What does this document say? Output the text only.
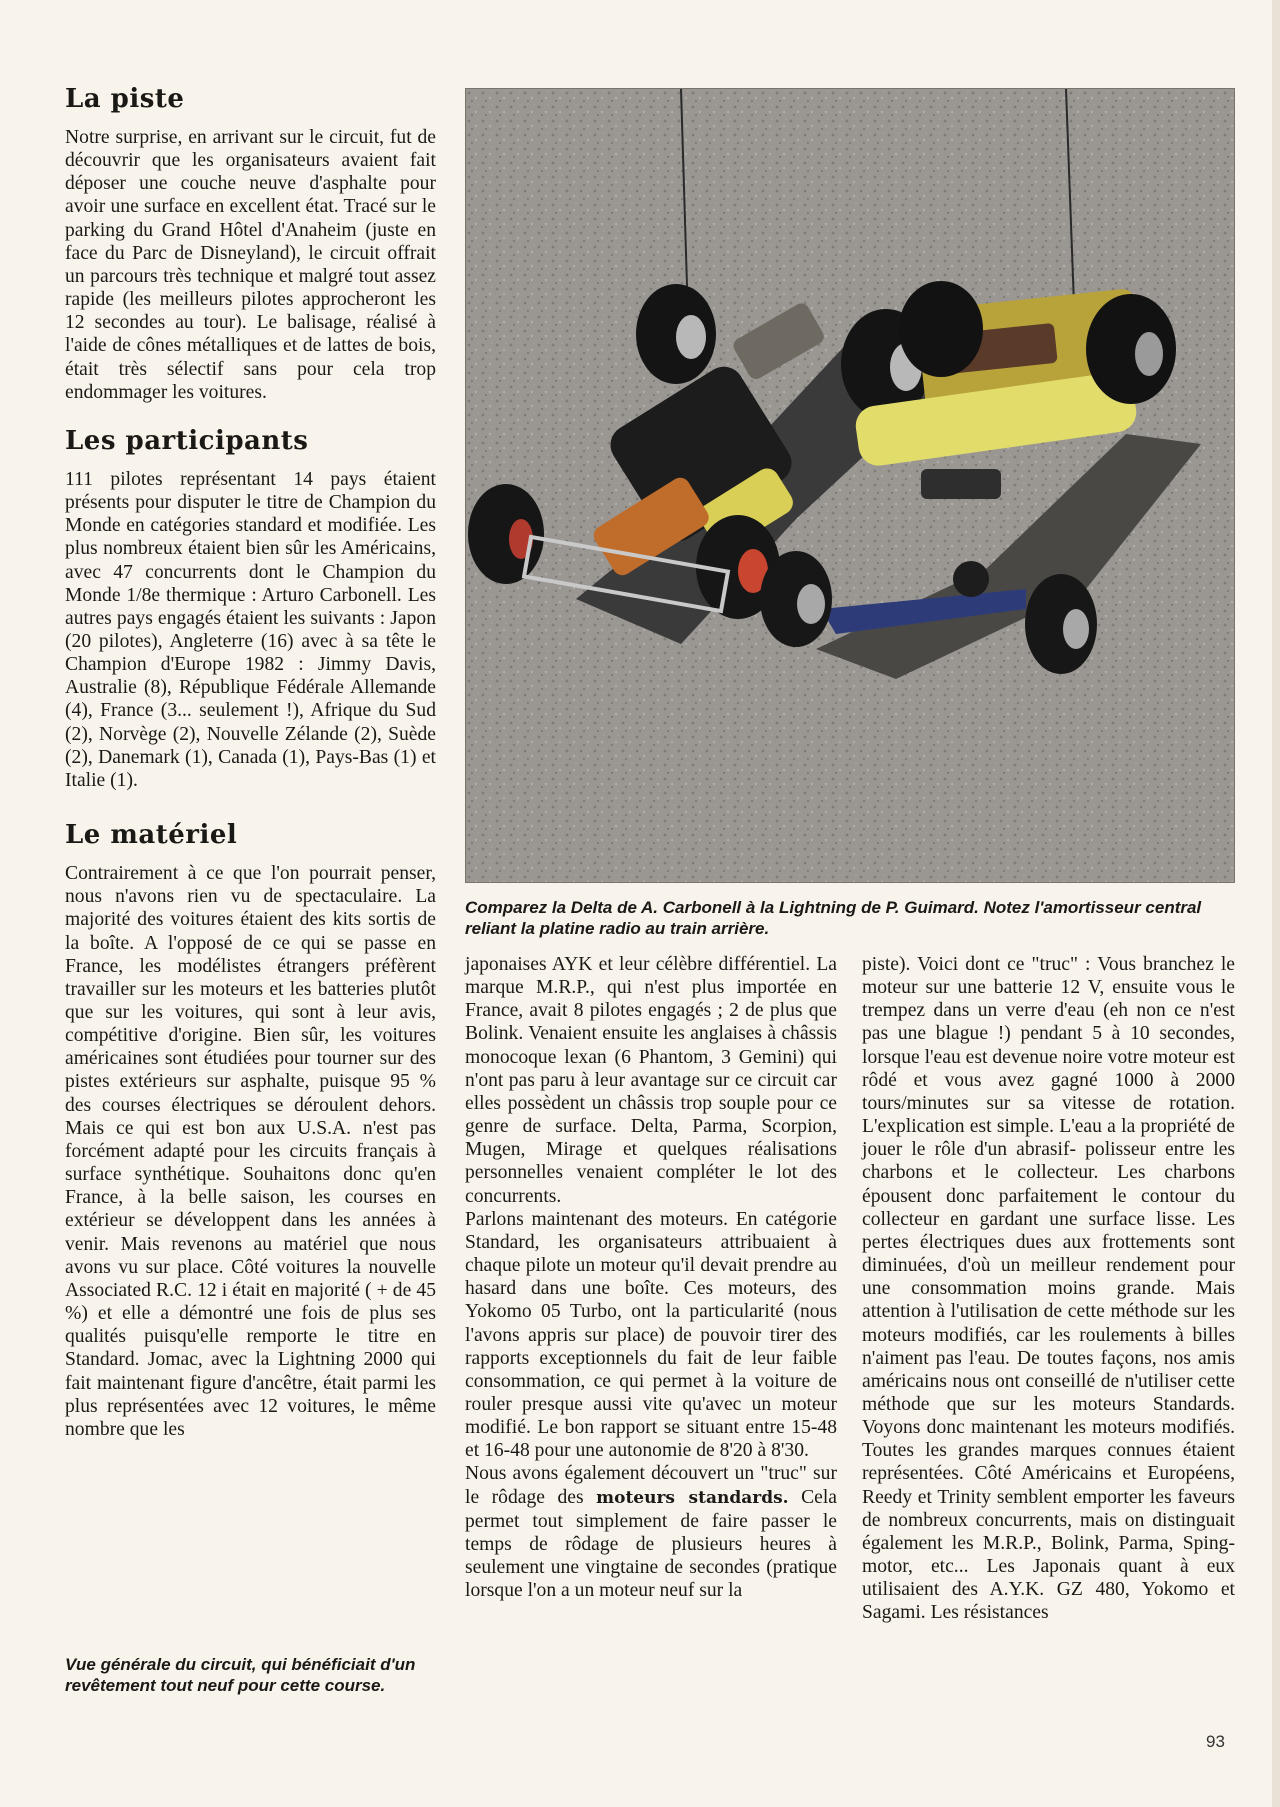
La piste

Notre surprise, en arrivant sur le circuit, fut de découvrir que les organisateurs avaient fait déposer une couche neuve d'asphalte pour avoir une surface en excellent état. Tracé sur le parking du Grand Hôtel d'Anaheim (juste en face du Parc de Disneyland), le circuit offrait un parcours très technique et malgré tout assez rapide (les meilleurs pilotes approcheront les 12 secondes au tour). Le balisage, réalisé à l'aide de cônes métalliques et de lattes de bois, était très sélectif sans pour cela trop endommager les voitures.

Les participants

111 pilotes représentant 14 pays étaient présents pour disputer le titre de Champion du Monde en catégories standard et modifiée. Les plus nombreux étaient bien sûr les Américains, avec 47 concurrents dont le Champion du Monde 1/8e thermique : Arturo Carbonell. Les autres pays engagés étaient les suivants : Japon (20 pilotes), Angleterre (16) avec à sa tête le Champion d'Europe 1982 : Jimmy Davis, Australie (8), République Fédérale Allemande (4), France (3... seulement !), Afrique du Sud (2), Norvège (2), Nouvelle Zélande (2), Suède (2), Danemark (1), Canada (1), Pays-Bas (1) et Italie (1).

Le matériel

Contrairement à ce que l'on pourrait penser, nous n'avons rien vu de spectaculaire. La majorité des voitures étaient des kits sortis de la boîte. A l'opposé de ce qui se passe en France, les modélistes étrangers préfèrent travailler sur les moteurs et les batteries plutôt que sur les voitures, qui sont à leur avis, compétitive d'origine. Bien sûr, les voitures américaines sont étudiées pour tourner sur des pistes extérieurs sur asphalte, puisque 95 % des courses électriques se déroulent dehors. Mais ce qui est bon aux U.S.A. n'est pas forcément adapté pour les circuits français à surface synthétique. Souhaitons donc qu'en France, à la belle saison, les courses en extérieur se développent dans les années à venir. Mais revenons au matériel que nous avons vu sur place. Côté voitures la nouvelle Associated R.C. 12 i était en majorité ( + de 45 %) et elle a démontré une fois de plus ses qualités puisqu'elle remporte le titre en Standard. Jomac, avec la Lightning 2000 qui fait maintenant figure d'ancêtre, était parmi les plus représentées avec 12 voitures, le même nombre que les

Vue générale du circuit, qui bénéficiait d'un revêtement tout neuf pour cette course.

Comparez la Delta de A. Carbonell à la Lightning de P. Guimard. Notez l'amortisseur central reliant la platine radio au train arrière.

japonaises AYK et leur célèbre différentiel. La marque M.R.P., qui n'est plus importée en France, avait 8 pilotes engagés ; 2 de plus que Bolink. Venaient ensuite les anglaises à châssis monocoque lexan (6 Phantom, 3 Gemini) qui n'ont pas paru à leur avantage sur ce circuit car elles possèdent un châssis trop souple pour ce genre de surface. Delta, Parma, Scorpion, Mugen, Mirage et quelques réalisations personnelles venaient compléter le lot des concurrents.

Parlons maintenant des moteurs. En catégorie Standard, les organisateurs attribuaient à chaque pilote un moteur qu'il devait prendre au hasard dans une boîte. Ces moteurs, des Yokomo 05 Turbo, ont la particularité (nous l'avons appris sur place) de pouvoir tirer des rapports exceptionnels du fait de leur faible consommation, ce qui permet à la voiture de rouler presque aussi vite qu'avec un moteur modifié. Le bon rapport se situant entre 15-48 et 16-48 pour une autonomie de 8'20 à 8'30.

Nous avons également découvert un "truc" sur le rôdage des moteurs standards. Cela permet tout simplement de faire passer le temps de rôdage de plusieurs heures à seulement une vingtaine de secondes (pratique lorsque l'on a un moteur neuf sur la

piste). Voici dont ce "truc" : Vous branchez le moteur sur une batterie 12 V, ensuite vous le trempez dans un verre d'eau (eh non ce n'est pas une blague !) pendant 5 à 10 secondes, lorsque l'eau est devenue noire votre moteur est rôdé et vous avez gagné 1000 à 2000 tours/minutes sur sa vitesse de rotation. L'explication est simple. L'eau a la propriété de jouer le rôle d'un abrasif- polisseur entre les charbons et le collecteur. Les charbons épousent donc parfaitement le contour du collecteur en gardant une surface lisse. Les pertes électriques dues aux frottements sont diminuées, d'où un meilleur rendement pour une consommation moins grande. Mais attention à l'utilisation de cette méthode sur les moteurs modifiés, car les roulements à billes n'aiment pas l'eau. De toutes façons, nos amis américains nous ont conseillé de n'utiliser cette méthode que sur les moteurs Standards. Voyons donc maintenant les moteurs modifiés. Toutes les grandes marques connues étaient représentées. Côté Américains et Européens, Reedy et Trinity semblent emporter les faveurs de nombreux concurrents, mais on distinguait également les M.R.P., Bolink, Parma, Sping-motor, etc... Les Japonais quant à eux utilisaient des A.Y.K. GZ 480, Yokomo et Sagami. Les résistances

93
